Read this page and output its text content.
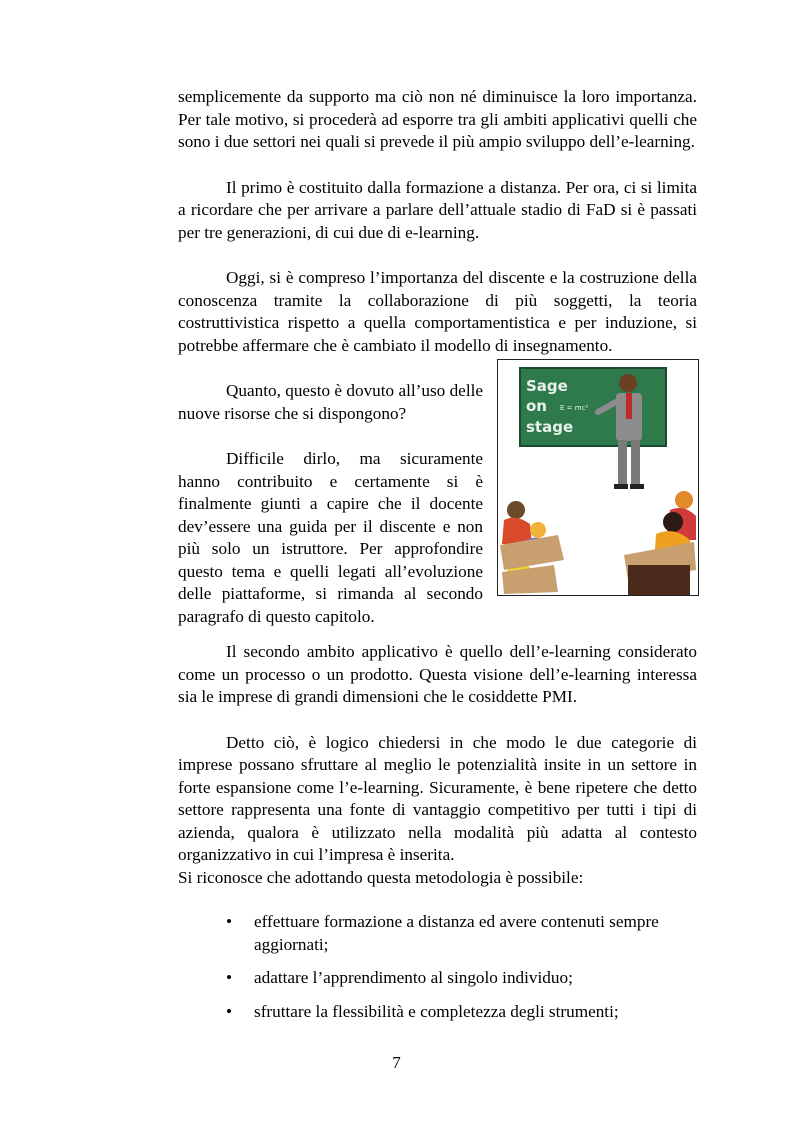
semplicemente da supporto ma ciò non né diminuisce la loro importanza. Per tale motivo, si procederà ad esporre tra gli ambiti applicativi quelli che sono i due settori nei quali si prevede il più ampio sviluppo dell’e-learning.

Il primo è costituito dalla formazione a distanza. Per ora, ci si limita a ricordare che per arrivare a parlare dell’attuale stadio di FaD si è passati per tre generazioni, di cui due di e-learning.

Oggi, si è compreso l’importanza del discente e la costruzione della conoscenza tramite la collaborazione di più soggetti, la teoria costruttivistica rispetto a quella comportamentistica e per induzione, si potrebbe affermare che è cambiato il modello di insegnamento.

Sage
on
stage
E = mc²

Quanto, questo è dovuto all’uso delle nuove risorse che si dispongono?

Difficile dirlo, ma sicuramente hanno contribuito e certamente si è finalmente giunti a capire che il docente dev’essere una guida per il discente e non più solo un istruttore. Per approfondire questo tema e quelli legati all’evoluzione delle piattaforme, si rimanda al secondo paragrafo di questo capitolo.

Il secondo ambito applicativo è quello dell’e-learning considerato come un processo o un prodotto. Questa visione dell’e-learning interessa sia le imprese di grandi dimensioni che le cosiddette PMI.

Detto ciò, è logico chiedersi in che modo le due categorie di imprese possano sfruttare al meglio le potenzialità insite in un settore in forte espansione come l’e-learning. Sicuramente, è bene ripetere che detto settore rappresenta una fonte di vantaggio competitivo per tutti i tipi di azienda, qualora è utilizzato nella modalità più adatta al contesto organizzativo in cui l’impresa è inserita.

Si riconosce che adottando questa metodologia è possibile:

• effettuare formazione a distanza ed avere contenuti sempre aggiornati;
• adattare l’apprendimento al singolo individuo;
• sfruttare la flessibilità e completezza degli strumenti;
7
